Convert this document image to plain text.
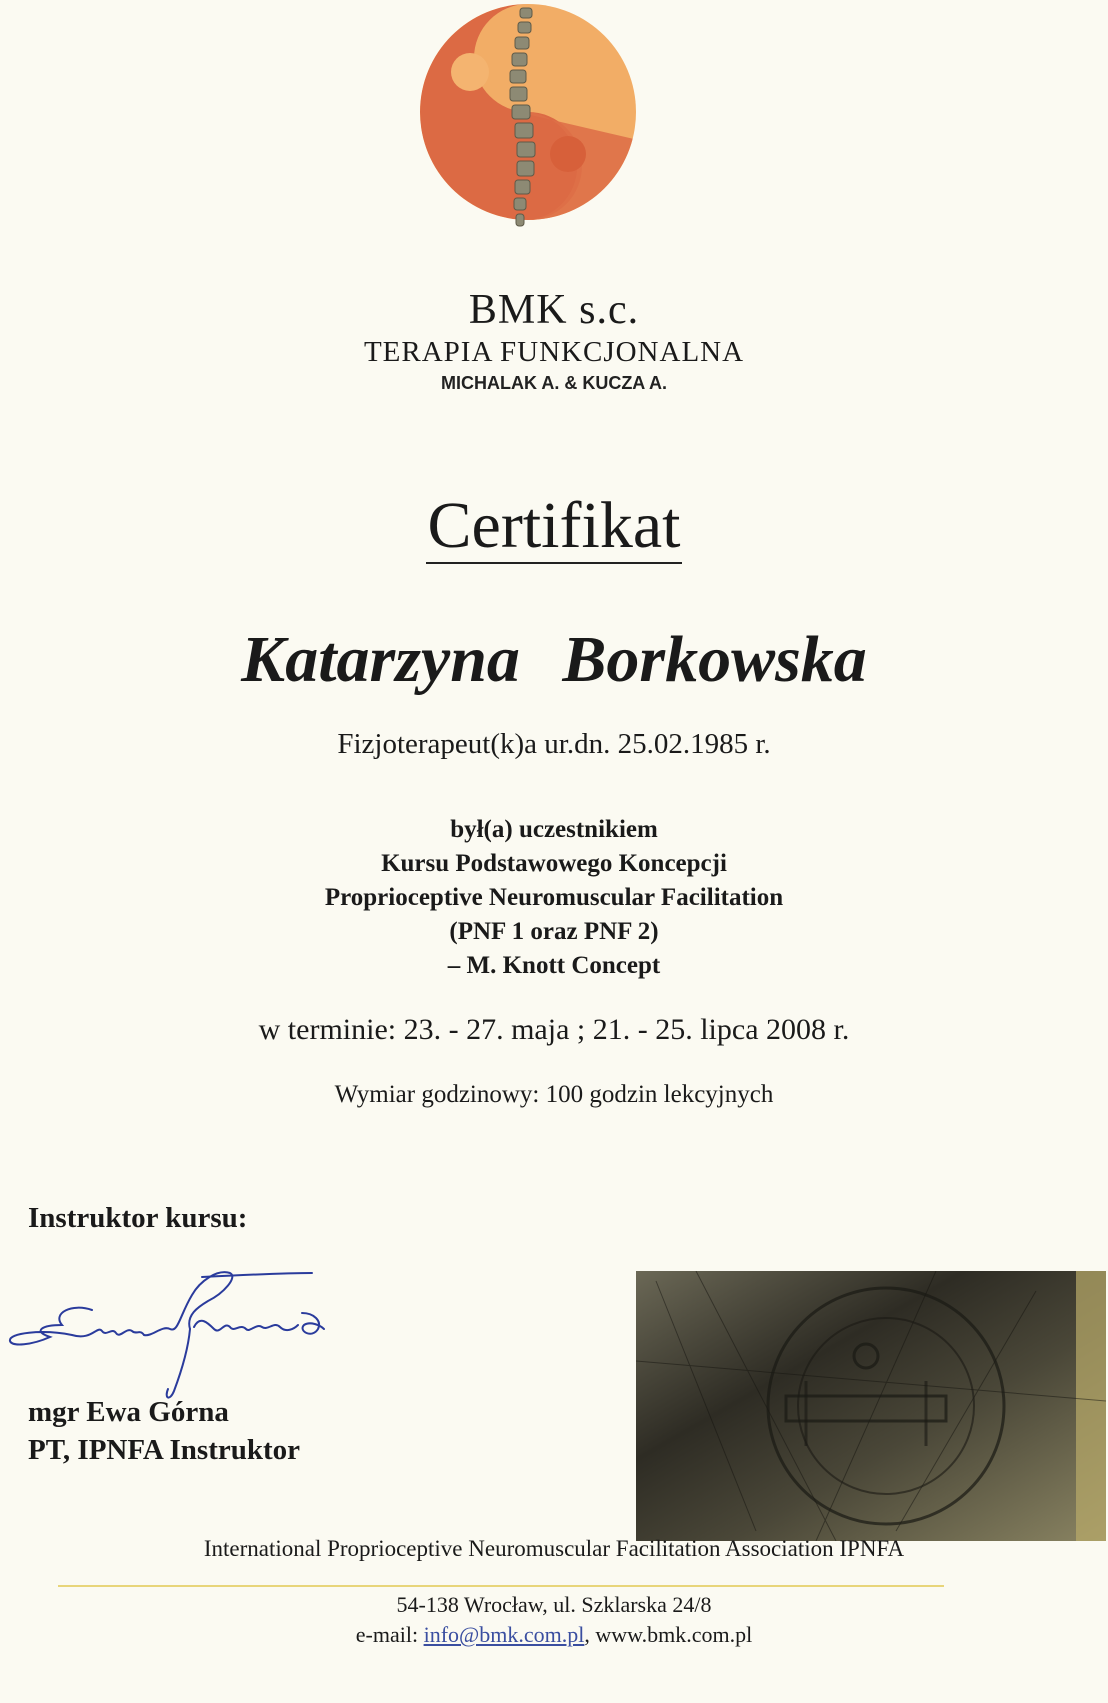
BMK s.c.
TERAPIA FUNKCJONALNA
MICHALAK A. & KUCZA A.
Certifikat
Katarzyna Borkowska
Fizjoterapeut(k)a ur.dn. 25.02.1985 r.
był(a) uczestnikiem
Kursu Podstawowego Koncepcji
Proprioceptive Neuromuscular Facilitation
(PNF 1 oraz PNF 2)
– M. Knott Concept
w terminie: 23. - 27. maja ; 21. - 25. lipca 2008 r.
Wymiar godzinowy: 100 godzin lekcyjnych
Instruktor kursu:
mgr Ewa Górna
PT, IPNFA Instruktor
International Proprioceptive Neuromuscular Facilitation Association IPNFA
54-138 Wrocław, ul. Szklarska 24/8
e-mail: info@bmk.com.pl, www.bmk.com.pl
